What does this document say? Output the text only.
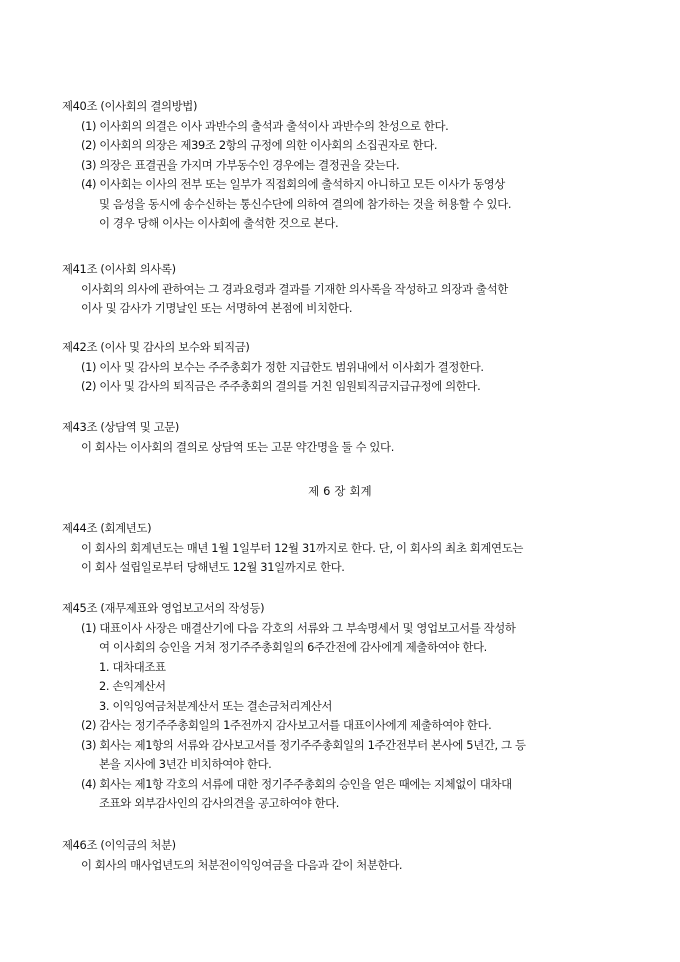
제40조 (이사회의 결의방법)
(1) 이사회의 의결은 이사 과반수의 출석과 출석이사 과반수의 찬성으로 한다.
(2) 이사회의 의장은 제39조 2항의 규정에 의한 이사회의 소집권자로 한다.
(3) 의장은 표결권을 가지며 가부동수인 경우에는 결정권을 갖는다.
(4) 이사회는 이사의 전부 또는 일부가 직접회의에 출석하지 아니하고 모든 이사가 동영상
및 음성을 동시에 송수신하는 통신수단에 의하여 결의에 참가하는 것을 허용할 수 있다.
이 경우 당해 이사는 이사회에 출석한 것으로 본다.
제41조 (이사회 의사록)
이사회의 의사에 관하여는 그 경과요령과 결과를 기재한 의사록을 작성하고 의장과 출석한
이사 및 감사가 기명날인 또는 서명하여 본점에 비치한다.
제42조 (이사 및 감사의 보수와 퇴직금)
(1) 이사 및 감사의 보수는 주주총회가 정한 지급한도 범위내에서 이사회가 결정한다.
(2) 이사 및 감사의 퇴직금은 주주총회의 결의를 거친 임원퇴직금지급규정에 의한다.
제43조 (상담역 및 고문)
이 회사는 이사회의 결의로 상담역 또는 고문 약간명을 둘 수 있다.
제 6 장 회계
제44조 (회계년도)
이 회사의 회계년도는 매년 1월 1일부터 12월 31까지로 한다. 단, 이 회사의 최초 회계연도는
이 회사 설립일로부터 당해년도 12월 31일까지로 한다.
제45조 (재무제표와 영업보고서의 작성등)
(1) 대표이사 사장은 매결산기에 다음 각호의 서류와 그 부속명세서 및 영업보고서를 작성하
여 이사회의 승인을 거쳐 정기주주총회일의 6주간전에 감사에게 제출하여야 한다.
1. 대차대조표
2. 손익계산서
3. 이익잉여금처분계산서 또는 결손금처리계산서
(2) 감사는 정기주주총회일의 1주전까지 감사보고서를 대표이사에게 제출하여야 한다.
(3) 회사는 제1항의 서류와 감사보고서를 정기주주총회일의 1주간전부터 본사에 5년간, 그 등
본을 지사에 3년간 비치하여야 한다.
(4) 회사는 제1항 각호의 서류에 대한 정기주주총회의 승인을 얻은 때에는 지체없이 대차대
조표와 외부감사인의 감사의견을 공고하여야 한다.
제46조 (이익금의 처분)
이 회사의 매사업년도의 처분전이익잉여금을 다음과 같이 처분한다.
